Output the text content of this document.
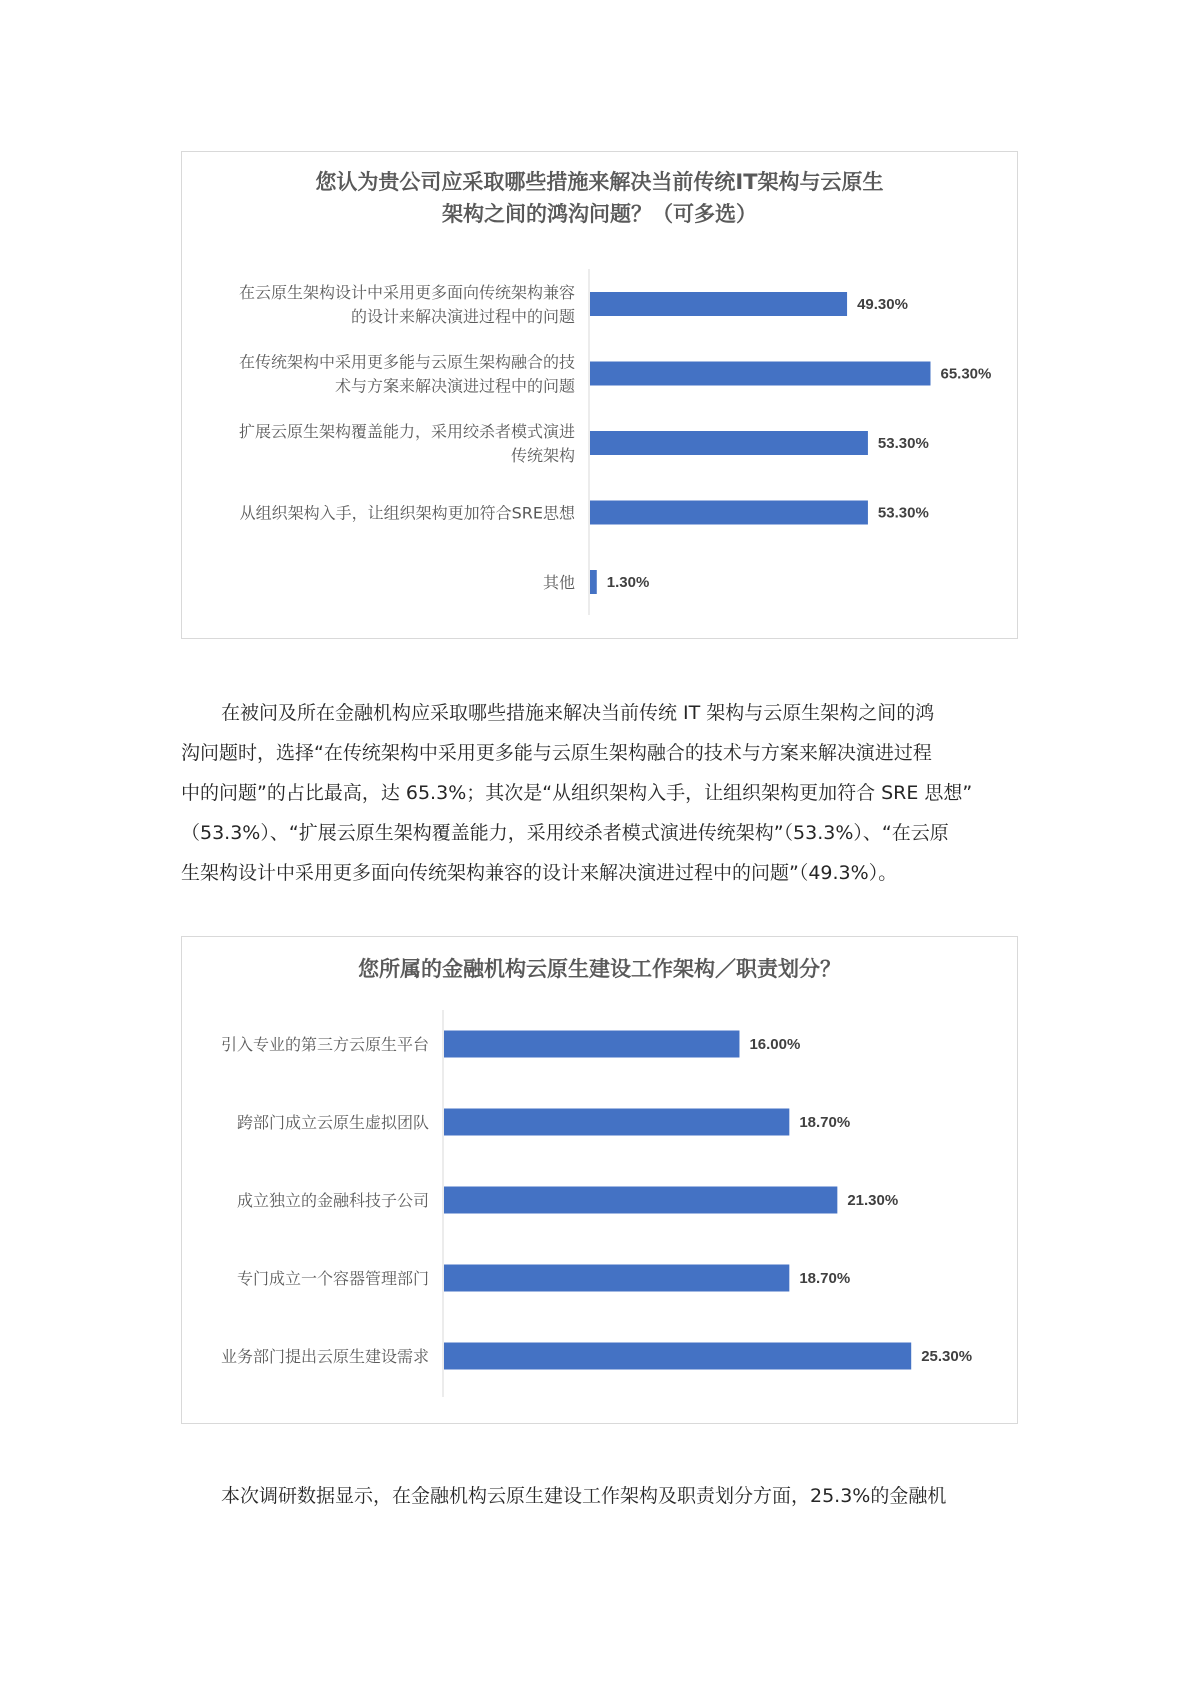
您认为贵公司应采取哪些措施来解决当前传统IT架构与云原生
架构之间的鸿沟问题？（可多选）
49.30%
在云原生架构设计中采用更多面向传统架构兼容的设计来解决演进过程中的问题
65.30%
在传统架构中采用更多能与云原生架构融合的技术与方案来解决演进过程中的问题
53.30%
扩展云原生架构覆盖能力，采用绞杀者模式演进传统架构
53.30%
从组织架构入手，让组织架构更加符合SRE思想
1.30%
其他
在被问及所在金融机构应采取哪些措施来解决当前传统 IT 架构与云原生架构之间的鸿
沟问题时，选择“在传统架构中采用更多能与云原生架构融合的技术与方案来解决演进过程
中的问题”的占比最高，达 65.3%；其次是“从组织架构入手，让组织架构更加符合 SRE 思想”
（53.3%）、“扩展云原生架构覆盖能力，采用绞杀者模式演进传统架构”（53.3%）、“在云原
生架构设计中采用更多面向传统架构兼容的设计来解决演进过程中的问题”（49.3%）。
您所属的金融机构云原生建设工作架构／职责划分？
16.00%
引入专业的第三方云原生平台
18.70%
跨部门成立云原生虚拟团队
21.30%
成立独立的金融科技子公司
18.70%
专门成立一个容器管理部门
25.30%
业务部门提出云原生建设需求
本次调研数据显示，在金融机构云原生建设工作架构及职责划分方面，25.3%的金融机
